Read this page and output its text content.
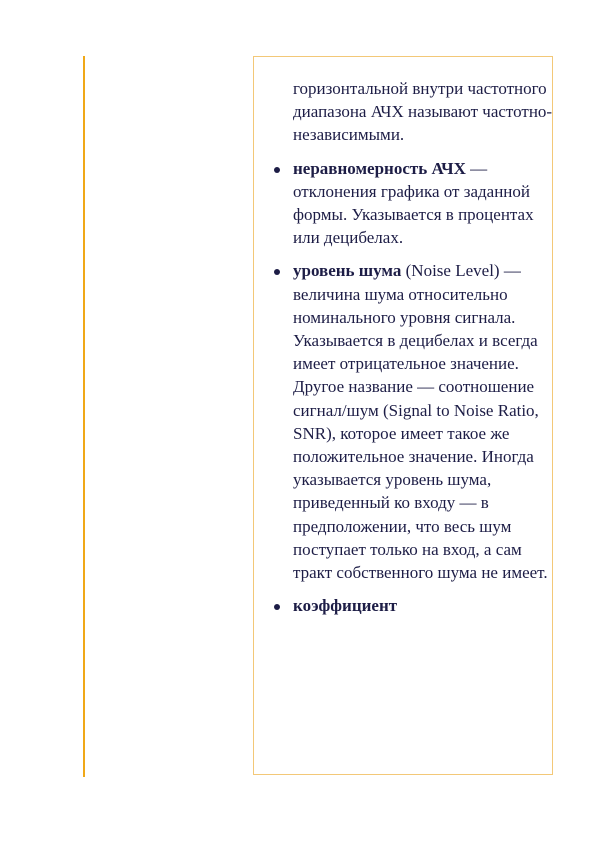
горизонтальной внутри частотного диапазона АЧХ называют частотно-независимыми.

неравномерность АЧХ — отклонения графика от заданной формы. Указывается в процентах или децибелах.
уровень шума (Noise Level) — величина шума относительно номинального уровня сигнала. Указывается в децибелах и всегда имеет отрицательное значение. Другое название — соотношение сигнал/шум (Signal to Noise Ratio, SNR), которое имеет такое же положительное значение. Иногда указывается уровень шума, приведенный ко входу — в предположении, что весь шум поступает только на вход, а сам тракт собственного шума не имеет.
коэффициент
